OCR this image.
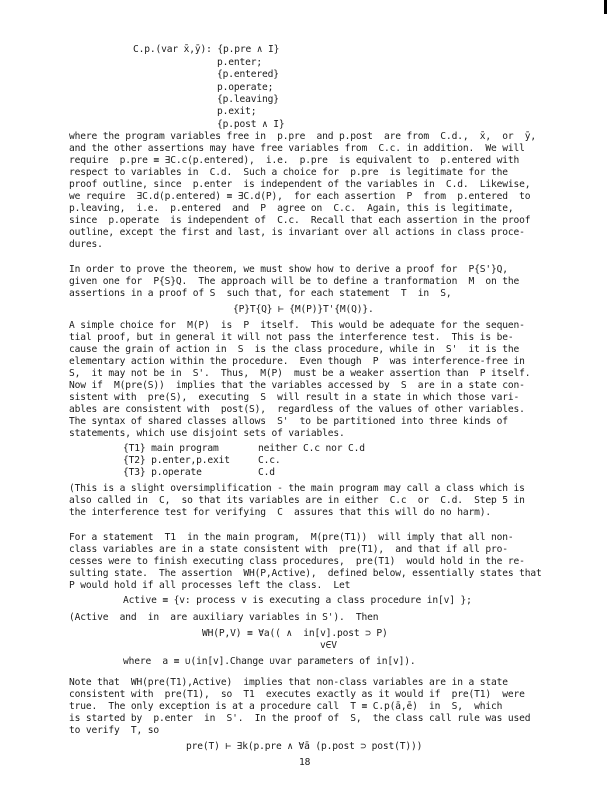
C.p.(var x̄,ȳ): {p.pre ∧ I}
p.enter;
{p.entered}
p.operate;
{p.leaving}
p.exit;
{p.post ∧ I}
where the program variables free in  p.pre  and p.post  are from  C.d.,  x̄,  or  ȳ,
and the other assertions may have free variables from  C.c. in addition.  We will
require  p.pre ≡ ∃C.c(p.entered),  i.e.  p.pre  is equivalent to  p.entered with
respect to variables in  C.d.  Such a choice for  p.pre  is legitimate for the
proof outline, since  p.enter  is independent of the variables in  C.d.  Likewise,
we require  ∃C.d(p.entered) ≡ ∃C.d(P),  for each assertion  P  from  p.entered  to
p.leaving,  i.e.  p.entered  and  P  agree on  C.c.  Again, this is legitimate,
since  p.operate  is independent of  C.c.  Recall that each assertion in the proof
outline, except the first and last, is invariant over all actions in class proce-
dures.
In order to prove the theorem, we must show how to derive a proof for  P{S'}Q,
given one for  P{S}Q.  The approach will be to define a tranformation  M  on the
assertions in a proof of S  such that, for each statement  T  in  S,
{P}T{Q} ⊢ {M(P)}T'{M(Q)}.
A simple choice for  M(P)  is  P  itself.  This would be adequate for the sequen-
tial proof, but in general it will not pass the interference test.  This is be-
cause the grain of action in  S  is the class procedure, while in  S'  it is the
elementary action within the procedure.  Even though  P  was interference-free in
S,  it may not be in  S'.  Thus,  M(P)  must be a weaker assertion than  P itself.
Now if  M(pre(S))  implies that the variables accessed by  S  are in a state con-
sistent with  pre(S),  executing  S  will result in a state in which those vari-
ables are consistent with  post(S),  regardless of the values of other variables.
The syntax of shared classes allows  S'  to be partitioned into three kinds of
statements, which use disjoint sets of variables.
{T1} main program       neither C.c nor C.d
{T2} p.enter,p.exit     C.c.
{T3} p.operate          C.d
(This is a slight oversimplification - the main program may call a class which is
also called in  C,  so that its variables are in either  C.c  or  C.d.  Step 5 in
the interference test for verifying  C  assures that this will do no harm).
For a statement  T1  in the main program,  M(pre(T1))  will imply that all non-
class variables are in a state consistent with  pre(T1),  and that if all pro-
cesses were to finish executing class procedures,  pre(T1)  would hold in the re-
sulting state.  The assertion  WH(P,Active),  defined below, essentially states that
P would hold if all processes left the class.  Let
Active ≡ {v: process v is executing a class procedure in[v] };
(Active  and  in  are auxiliary variables in S').  Then
WH(P,V) ≡ ∀a(( ∧  in[v].post ⊃ P)
v∈V
where  a ≡ ∪(in[v].Change ∪var parameters of in[v]).
Note that  WH(pre(T1),Active)  implies that non-class variables are in a state
consistent with  pre(T1),  so  T1  executes exactly as it would if  pre(T1)  were
true.  The only exception is at a procedure call  T ≡ C.p(ā,ē)  in  S,  which
is started by  p.enter  in  S'.  In the proof of  S,  the class call rule was used
to verify  T, so
pre(T) ⊢ ∃k(p.pre ∧ ∀ā (p.post ⊃ post(T)))
18
